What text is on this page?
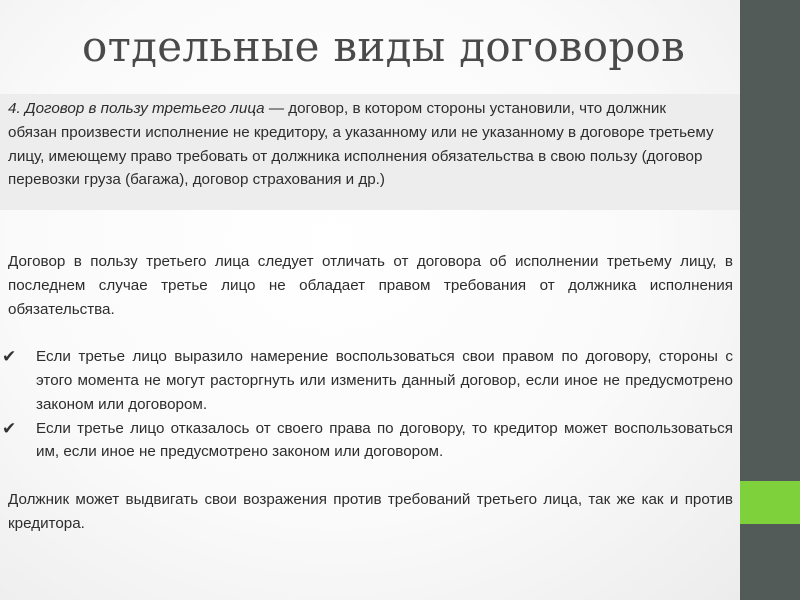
отдельные виды договоров
4. Договор в пользу третьего лица — договор, в котором стороны установили, что должник обязан произвести исполнение не кредитору, а указанному или не указанному в договоре третьему лицу, имеющему право требовать от должника исполнения обязательства в свою пользу (договор перевозки груза (багажа), договор страхования и др.)

Договор в пользу третьего лица следует отличать от договора об исполнении третьему лицу, в последнем случае третье лицо не обладает правом требования от должника исполнения обязательства.

✔ Если третье лицо выразило намерение воспользоваться свои правом по договору, стороны с этого момента не могут расторгнуть или изменить данный договор, если иное не предусмотрено законом или договором.
✔ Если третье лицо отказалось от своего права по договору, то кредитор может воспользоваться им, если иное не предусмотрено законом или договором.

Должник может выдвигать свои возражения против требований третьего лица, так же как и против кредитора.
